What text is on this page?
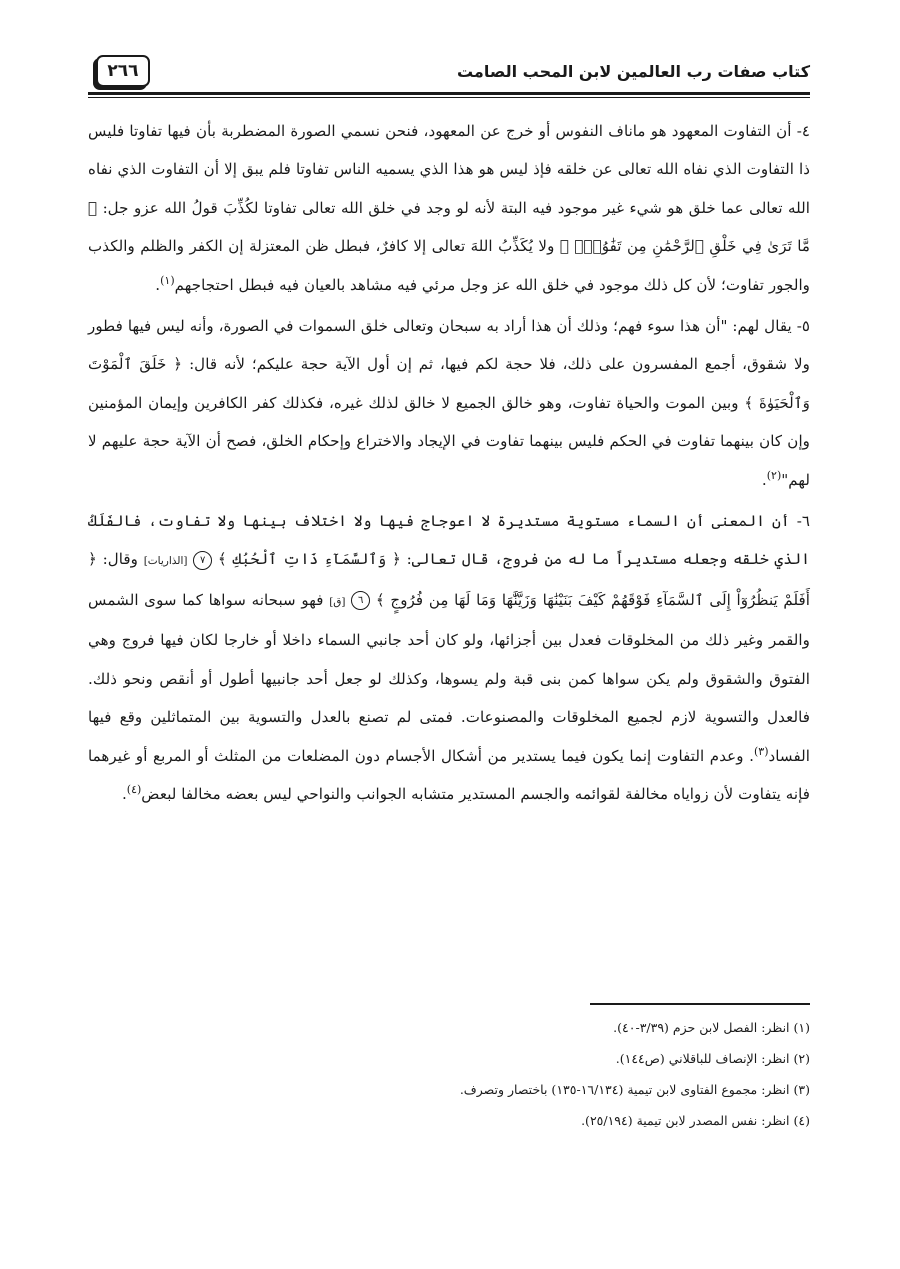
كتاب صفات رب العالمين لابن المحب الصامت
٢٦٦

٤- أن التفاوت المعهود هو ماناف النفوس أو خرج عن المعهود، فنحن نسمي الصورة المضطربة بأن فيها تفاوتا فليس ذا التفاوت الذي نفاه الله تعالى عن خلقه فإذ ليس هو هذا الذي يسميه الناس تفاوتا فلم يبق إلا أن التفاوت الذي نفاه الله تعالى عما خلق هو شيء غير موجود فيه البتة لأنه لو وجد في خلق الله تعالى تفاوتا لكُذِّبَ قولُ الله عزو جل: ﴿ مَّا تَرَىٰ فِي خَلْقِ ٱلرَّحْمَٰنِ مِن تَفَٰوُتٍۖ ﴾ ولا يُكَذِّبُ اللهَ تعالى إلا كافرٌ، فبطل ظن المعتزلة إن الكفر والظلم والكذب والجور تفاوت؛ لأن كل ذلك موجود في خلق الله عز وجل مرئي فيه مشاهد بالعيان فيه فبطل احتجاجهم$^{(١)}$.

٥- يقال لهم: "أن هذا سوء فهم؛ وذلك أن هذا أراد به سبحان وتعالى خلق السموات في الصورة، وأنه ليس فيها فطور ولا شقوق، أجمع المفسرون على ذلك، فلا حجة لكم فيها، ثم إن أول الآية حجة عليكم؛ لأنه قال: ﴿ خَلَقَ ٱلْمَوْتَ وَٱلْحَيَوٰةَ ﴾ وبين الموت والحياة تفاوت، وهو خالق الجميع لا خالق لذلك غيره، فكذلك كفر الكافرين وإيمان المؤمنين وإن كان بينهما تفاوت في الحكم فليس بينهما تفاوت في الإيجاد والاختراع وإحكام الخلق، فصح أن الآية حجة عليهم لا لهم"$^{(٢)}$.

٦- أن المعنى أن السماء مستوية مستديرة لا اعوجاج فيها ولا اختلاف بينها ولا تفاوت، فالفَلَكُ الذي خلقه وجعله مستديراً ما له من فروج، قال تعالى: ﴿ وَٱلسَّمَآءِ ذَاتِ ٱلْحُبُكِ ﴾ ٧ [الذاريات] وقال: ﴿ أَفَلَمْ يَنظُرُوٓاْ إِلَى ٱلسَّمَآءِ فَوْقَهُمْ كَيْفَ بَنَيْنَٰهَا وَزَيَّنَّٰهَا وَمَا لَهَا مِن فُرُوجٍ ﴾ ٦ [ق] فهو سبحانه سواها كما سوى الشمس والقمر وغير ذلك من المخلوقات فعدل بين أجزائها، ولو كان أحد جانبي السماء داخلا أو خارجا لكان فيها فروج وهي الفتوق والشقوق ولم يكن سواها كمن بنى قبة ولم يسوها، وكذلك لو جعل أحد جانبيها أطول أو أنقص ونحو ذلك. فالعدل والتسوية لازم لجميع المخلوقات والمصنوعات. فمتى لم تصنع بالعدل والتسوية بين المتماثلين وقع فيها الفساد$^{(٣)}$. وعدم التفاوت إنما يكون فيما يستدير من أشكال الأجسام دون المضلعات من المثلث أو المربع أو غيرهما فإنه يتفاوت لأن زواياه مخالفة لقوائمه والجسم المستدير متشابه الجوانب والنواحي ليس بعضه مخالفا لبعض$^{(٤)}$.

(١) انظر: الفصل لابن حزم (٣/٣٩-٤٠).
(٢) انظر: الإنصاف للباقلاني (ص١٤٤).
(٣) انظر: مجموع الفتاوى لابن تيمية (١٦/١٣٤-١٣٥) باختصار وتصرف.
(٤) انظر: نفس المصدر لابن تيمية (٢٥/١٩٤).
